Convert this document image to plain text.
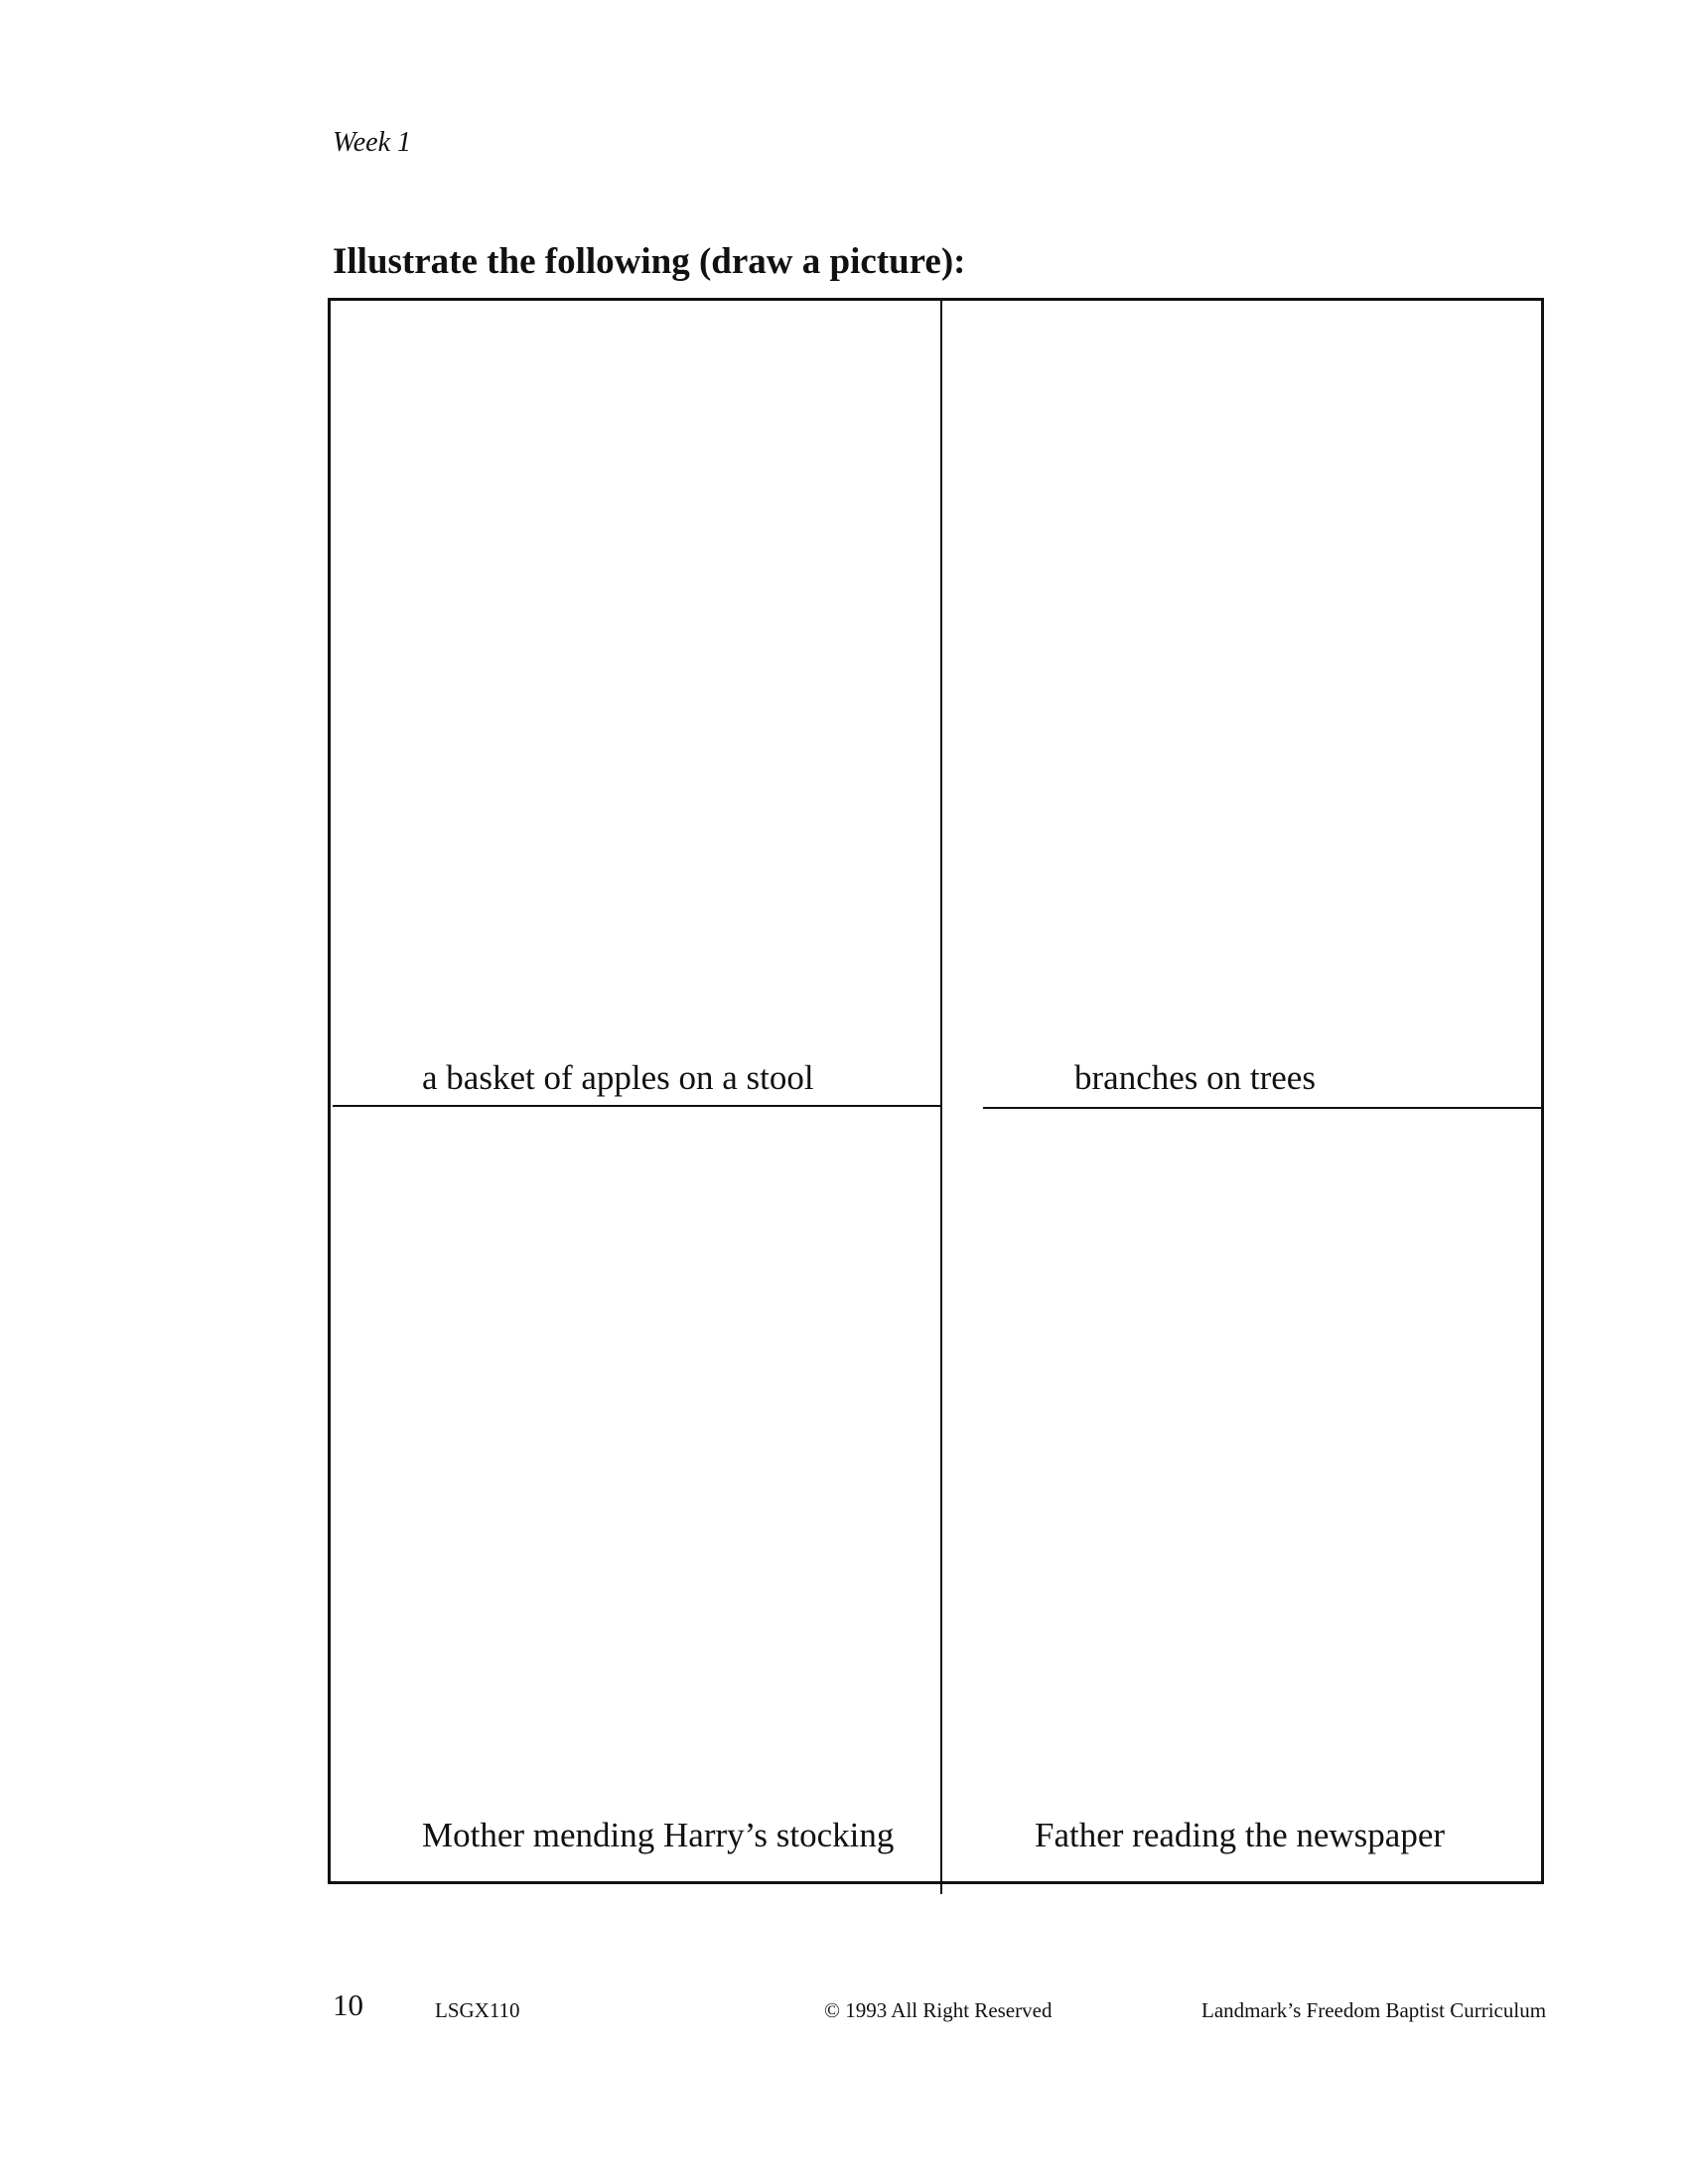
Week 1
Illustrate the following (draw a picture):
a basket of apples on a stool	branches on trees
Mother mending Harry’s stocking	Father reading the newspaper
10	LSGX110	© 1993 All Right Reserved	Landmark’s Freedom Baptist Curriculum
